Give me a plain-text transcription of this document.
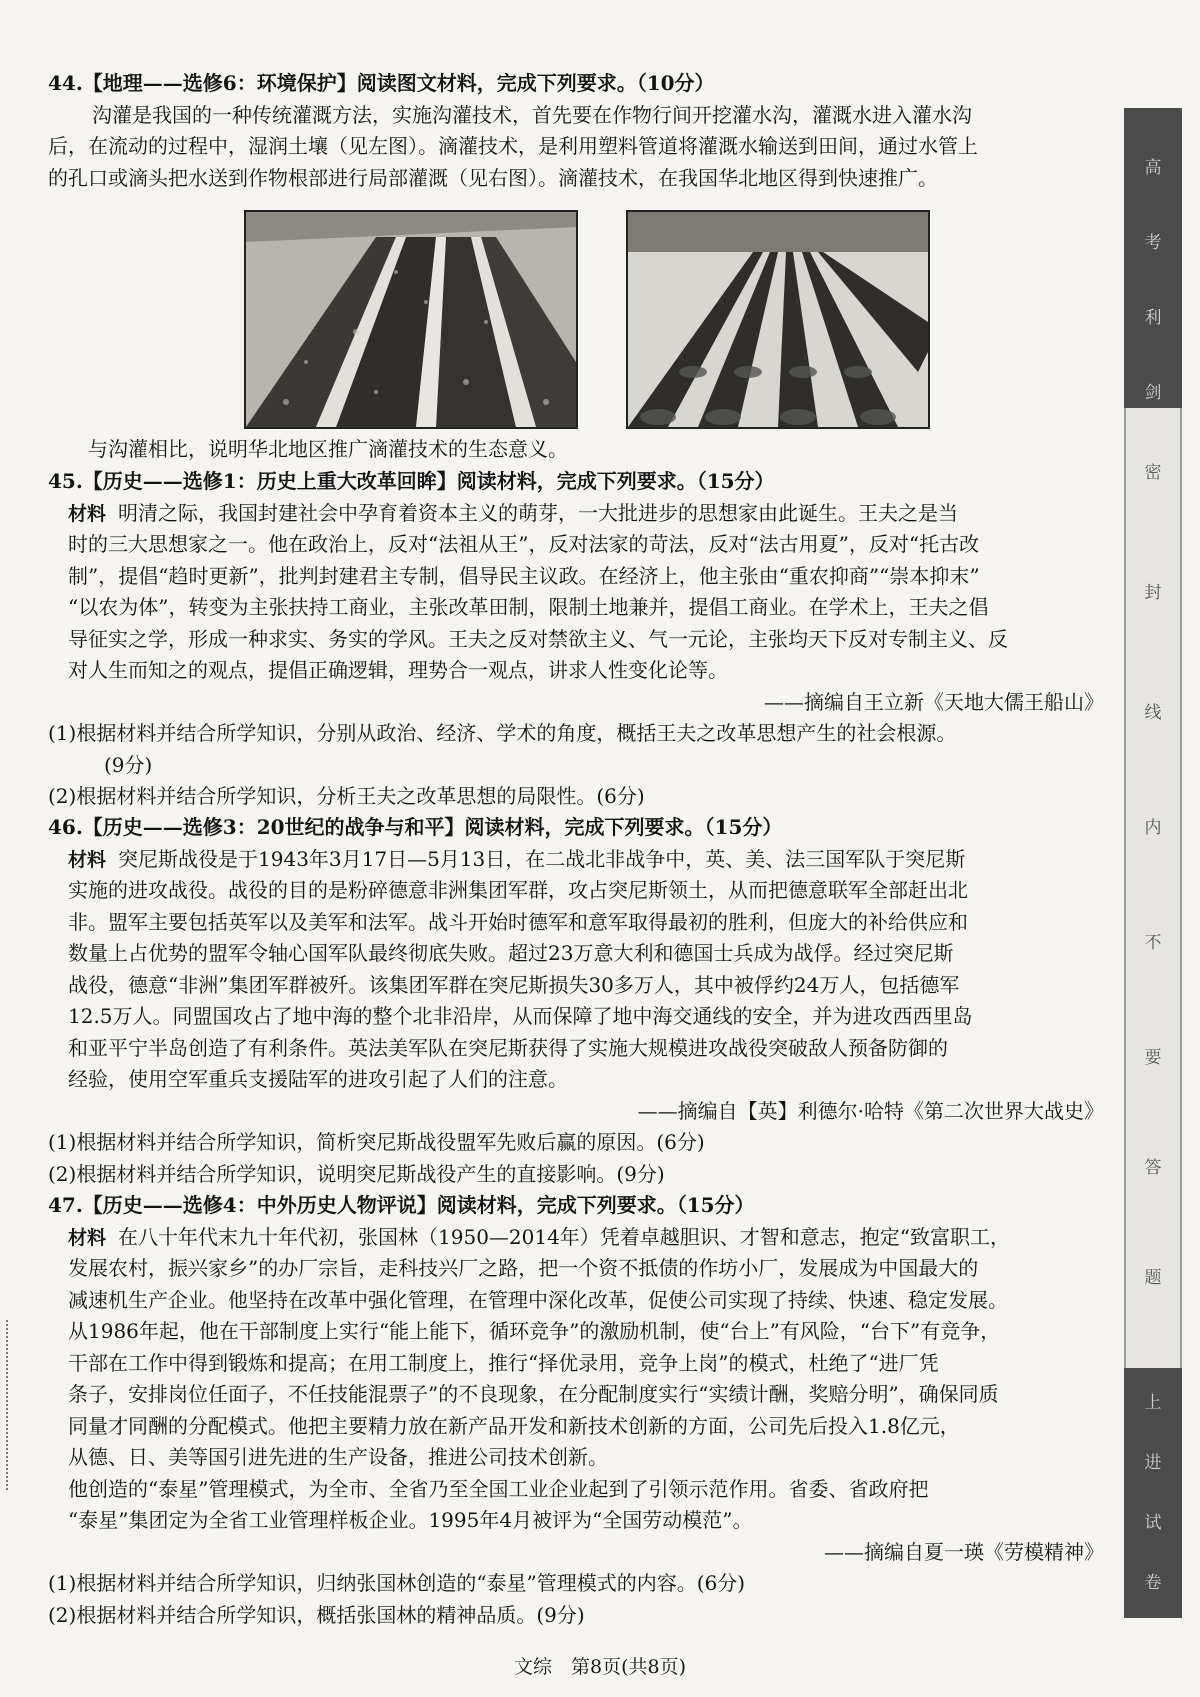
44.【地理——选修6：环境保护】阅读图文材料，完成下列要求。（10分）
沟灌是我国的一种传统灌溉方法，实施沟灌技术，首先要在作物行间开挖灌水沟，灌溉水进入灌水沟
后，在流动的过程中，湿润土壤（见左图）。滴灌技术，是利用塑料管道将灌溉水输送到田间，通过水管上
的孔口或滴头把水送到作物根部进行局部灌溉（见右图）。滴灌技术，在我国华北地区得到快速推广。
与沟灌相比，说明华北地区推广滴灌技术的生态意义。
45.【历史——选修1：历史上重大改革回眸】阅读材料，完成下列要求。（15分）
材料 明清之际，我国封建社会中孕育着资本主义的萌芽，一大批进步的思想家由此诞生。王夫之是当
时的三大思想家之一。他在政治上，反对“法祖从王”，反对法家的苛法，反对“法古用夏”，反对“托古改
制”，提倡“趋时更新”，批判封建君主专制，倡导民主议政。在经济上，他主张由“重农抑商”“崇本抑末”
“以农为体”，转变为主张扶持工商业，主张改革田制，限制土地兼并，提倡工商业。在学术上，王夫之倡
导征实之学，形成一种求实、务实的学风。王夫之反对禁欲主义、气一元论，主张均天下反对专制主义、反
对人生而知之的观点，提倡正确逻辑，理势合一观点，讲求人性变化论等。
——摘编自王立新《天地大儒王船山》
(1)根据材料并结合所学知识，分别从政治、经济、学术的角度，概括王夫之改革思想产生的社会根源。
(9分)
(2)根据材料并结合所学知识，分析王夫之改革思想的局限性。(6分)
46.【历史——选修3：20世纪的战争与和平】阅读材料，完成下列要求。（15分）
材料 突尼斯战役是于1943年3月17日—5月13日，在二战北非战争中，英、美、法三国军队于突尼斯
实施的进攻战役。战役的目的是粉碎德意非洲集团军群，攻占突尼斯领土，从而把德意联军全部赶出北
非。盟军主要包括英军以及美军和法军。战斗开始时德军和意军取得最初的胜利，但庞大的补给供应和
数量上占优势的盟军令轴心国军队最终彻底失败。超过23万意大利和德国士兵成为战俘。经过突尼斯
战役，德意“非洲”集团军群被歼。该集团军群在突尼斯损失30多万人，其中被俘约24万人，包括德军
12.5万人。同盟国攻占了地中海的整个北非沿岸，从而保障了地中海交通线的安全，并为进攻西西里岛
和亚平宁半岛创造了有利条件。英法美军队在突尼斯获得了实施大规模进攻战役突破敌人预备防御的
经验，使用空军重兵支援陆军的进攻引起了人们的注意。
——摘编自【英】利德尔·哈特《第二次世界大战史》
(1)根据材料并结合所学知识，简析突尼斯战役盟军先败后赢的原因。(6分)
(2)根据材料并结合所学知识，说明突尼斯战役产生的直接影响。(9分)
47.【历史——选修4：中外历史人物评说】阅读材料，完成下列要求。（15分）
材料 在八十年代末九十年代初，张国林（1950—2014年）凭着卓越胆识、才智和意志，抱定“致富职工，
发展农村，振兴家乡”的办厂宗旨，走科技兴厂之路，把一个资不抵债的作坊小厂，发展成为中国最大的
减速机生产企业。他坚持在改革中强化管理，在管理中深化改革，促使公司实现了持续、快速、稳定发展。
从1986年起，他在干部制度上实行“能上能下，循环竞争”的激励机制，使“台上”有风险，“台下”有竞争，
干部在工作中得到锻炼和提高；在用工制度上，推行“择优录用，竞争上岗”的模式，杜绝了“进厂凭
条子，安排岗位任面子，不任技能混票子”的不良现象，在分配制度实行“实绩计酬，奖赔分明”，确保同质
同量才同酬的分配模式。他把主要精力放在新产品开发和新技术创新的方面，公司先后投入1.8亿元，
从德、日、美等国引进先进的生产设备，推进公司技术创新。
他创造的“泰星”管理模式，为全市、全省乃至全国工业企业起到了引领示范作用。省委、省政府把
“泰星”集团定为全省工业管理样板企业。1995年4月被评为“全国劳动模范”。
——摘编自夏一瑛《劳模精神》
(1)根据材料并结合所学知识，归纳张国林创造的“泰星”管理模式的内容。(6分)
(2)根据材料并结合所学知识，概括张国林的精神品质。(9分)
高
考
利
剑
密
封
线
内
不
要
答
题
上
进
试
卷
文综　第8页(共8页)
